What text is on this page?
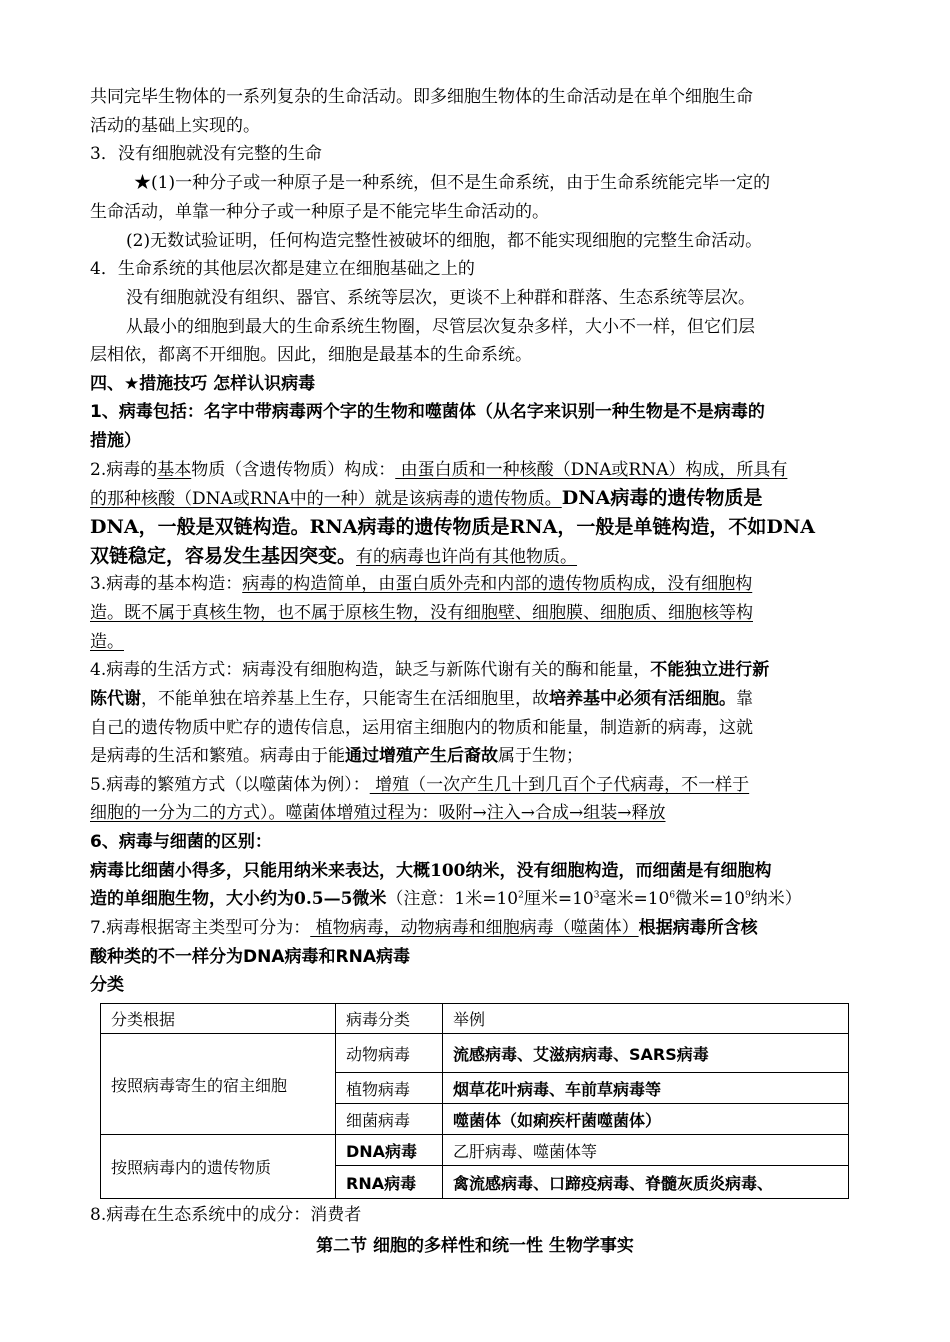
共同完毕生物体的一系列复杂的生命活动。即多细胞生物体的生命活动是在单个细胞生命
活动的基础上实现的。
3．没有细胞就没有完整的生命
★(1)一种分子或一种原子是一种系统，但不是生命系统，由于生命系统能完毕一定的
生命活动，单靠一种分子或一种原子是不能完毕生命活动的。
(2)无数试验证明，任何构造完整性被破坏的细胞，都不能实现细胞的完整生命活动。
4．生命系统的其他层次都是建立在细胞基础之上的
没有细胞就没有组织、器官、系统等层次，更谈不上种群和群落、生态系统等层次。
从最小的细胞到最大的生命系统生物圈，尽管层次复杂多样，大小不一样，但它们层
层相依，都离不开细胞。因此，细胞是最基本的生命系统。
四、★措施技巧 怎样认识病毒
1、病毒包括：名字中带病毒两个字的生物和噬菌体（从名字来识别一种生物是不是病毒的
措施）
2.病毒的基本物质（含遗传物质）构成： 由蛋白质和一种核酸（DNA或RNA）构成，所具有
的那种核酸（DNA或RNA中的一种）就是该病毒的遗传物质。DNA病毒的遗传物质是
DNA，一般是双链构造。RNA病毒的遗传物质是RNA，一般是单链构造，不如DNA
双链稳定，容易发生基因突变。有的病毒也许尚有其他物质。
3.病毒的基本构造：病毒的构造简单，由蛋白质外壳和内部的遗传物质构成，没有细胞构
造。既不属于真核生物，也不属于原核生物，没有细胞壁、细胞膜、细胞质、细胞核等构
造。
4.病毒的生活方式：病毒没有细胞构造，缺乏与新陈代谢有关的酶和能量，不能独立进行新
陈代谢，不能单独在培养基上生存，只能寄生在活细胞里，故培养基中必须有活细胞。靠
自己的遗传物质中贮存的遗传信息，运用宿主细胞内的物质和能量，制造新的病毒，这就
是病毒的生活和繁殖。病毒由于能通过增殖产生后裔故属于生物；
5.病毒的繁殖方式（以噬菌体为例）： 增殖（一次产生几十到几百个子代病毒，不一样于
细胞的一分为二的方式）。噬菌体增殖过程为：吸附→注入→合成→组装→释放
6、病毒与细菌的区别：
病毒比细菌小得多，只能用纳米来表达，大概100纳米，没有细胞构造，而细菌是有细胞构
造的单细胞生物，大小约为0.5—5微米（注意：1米$=10^2$厘米$=10^3$毫米$=10^6$微米$=10^9$纳米）
7.病毒根据寄主类型可分为： 植物病毒，动物病毒和细胞病毒（噬菌体）根据病毒所含核
酸种类的不一样分为DNA病毒和RNA病毒
分类
分类根据	病毒分类	举例
按照病毒寄生的宿主细胞	动物病毒	流感病毒、艾滋病病毒、SARS病毒
	植物病毒	烟草花叶病毒、车前草病毒等
	细菌病毒	噬菌体（如痢疾杆菌噬菌体）
按照病毒内的遗传物质	DNA病毒	乙肝病毒、噬菌体等
	RNA病毒	禽流感病毒、口蹄疫病毒、脊髓灰质炎病毒、
8.病毒在生态系统中的成分：消费者
第二节 细胞的多样性和统一性 生物学事实
